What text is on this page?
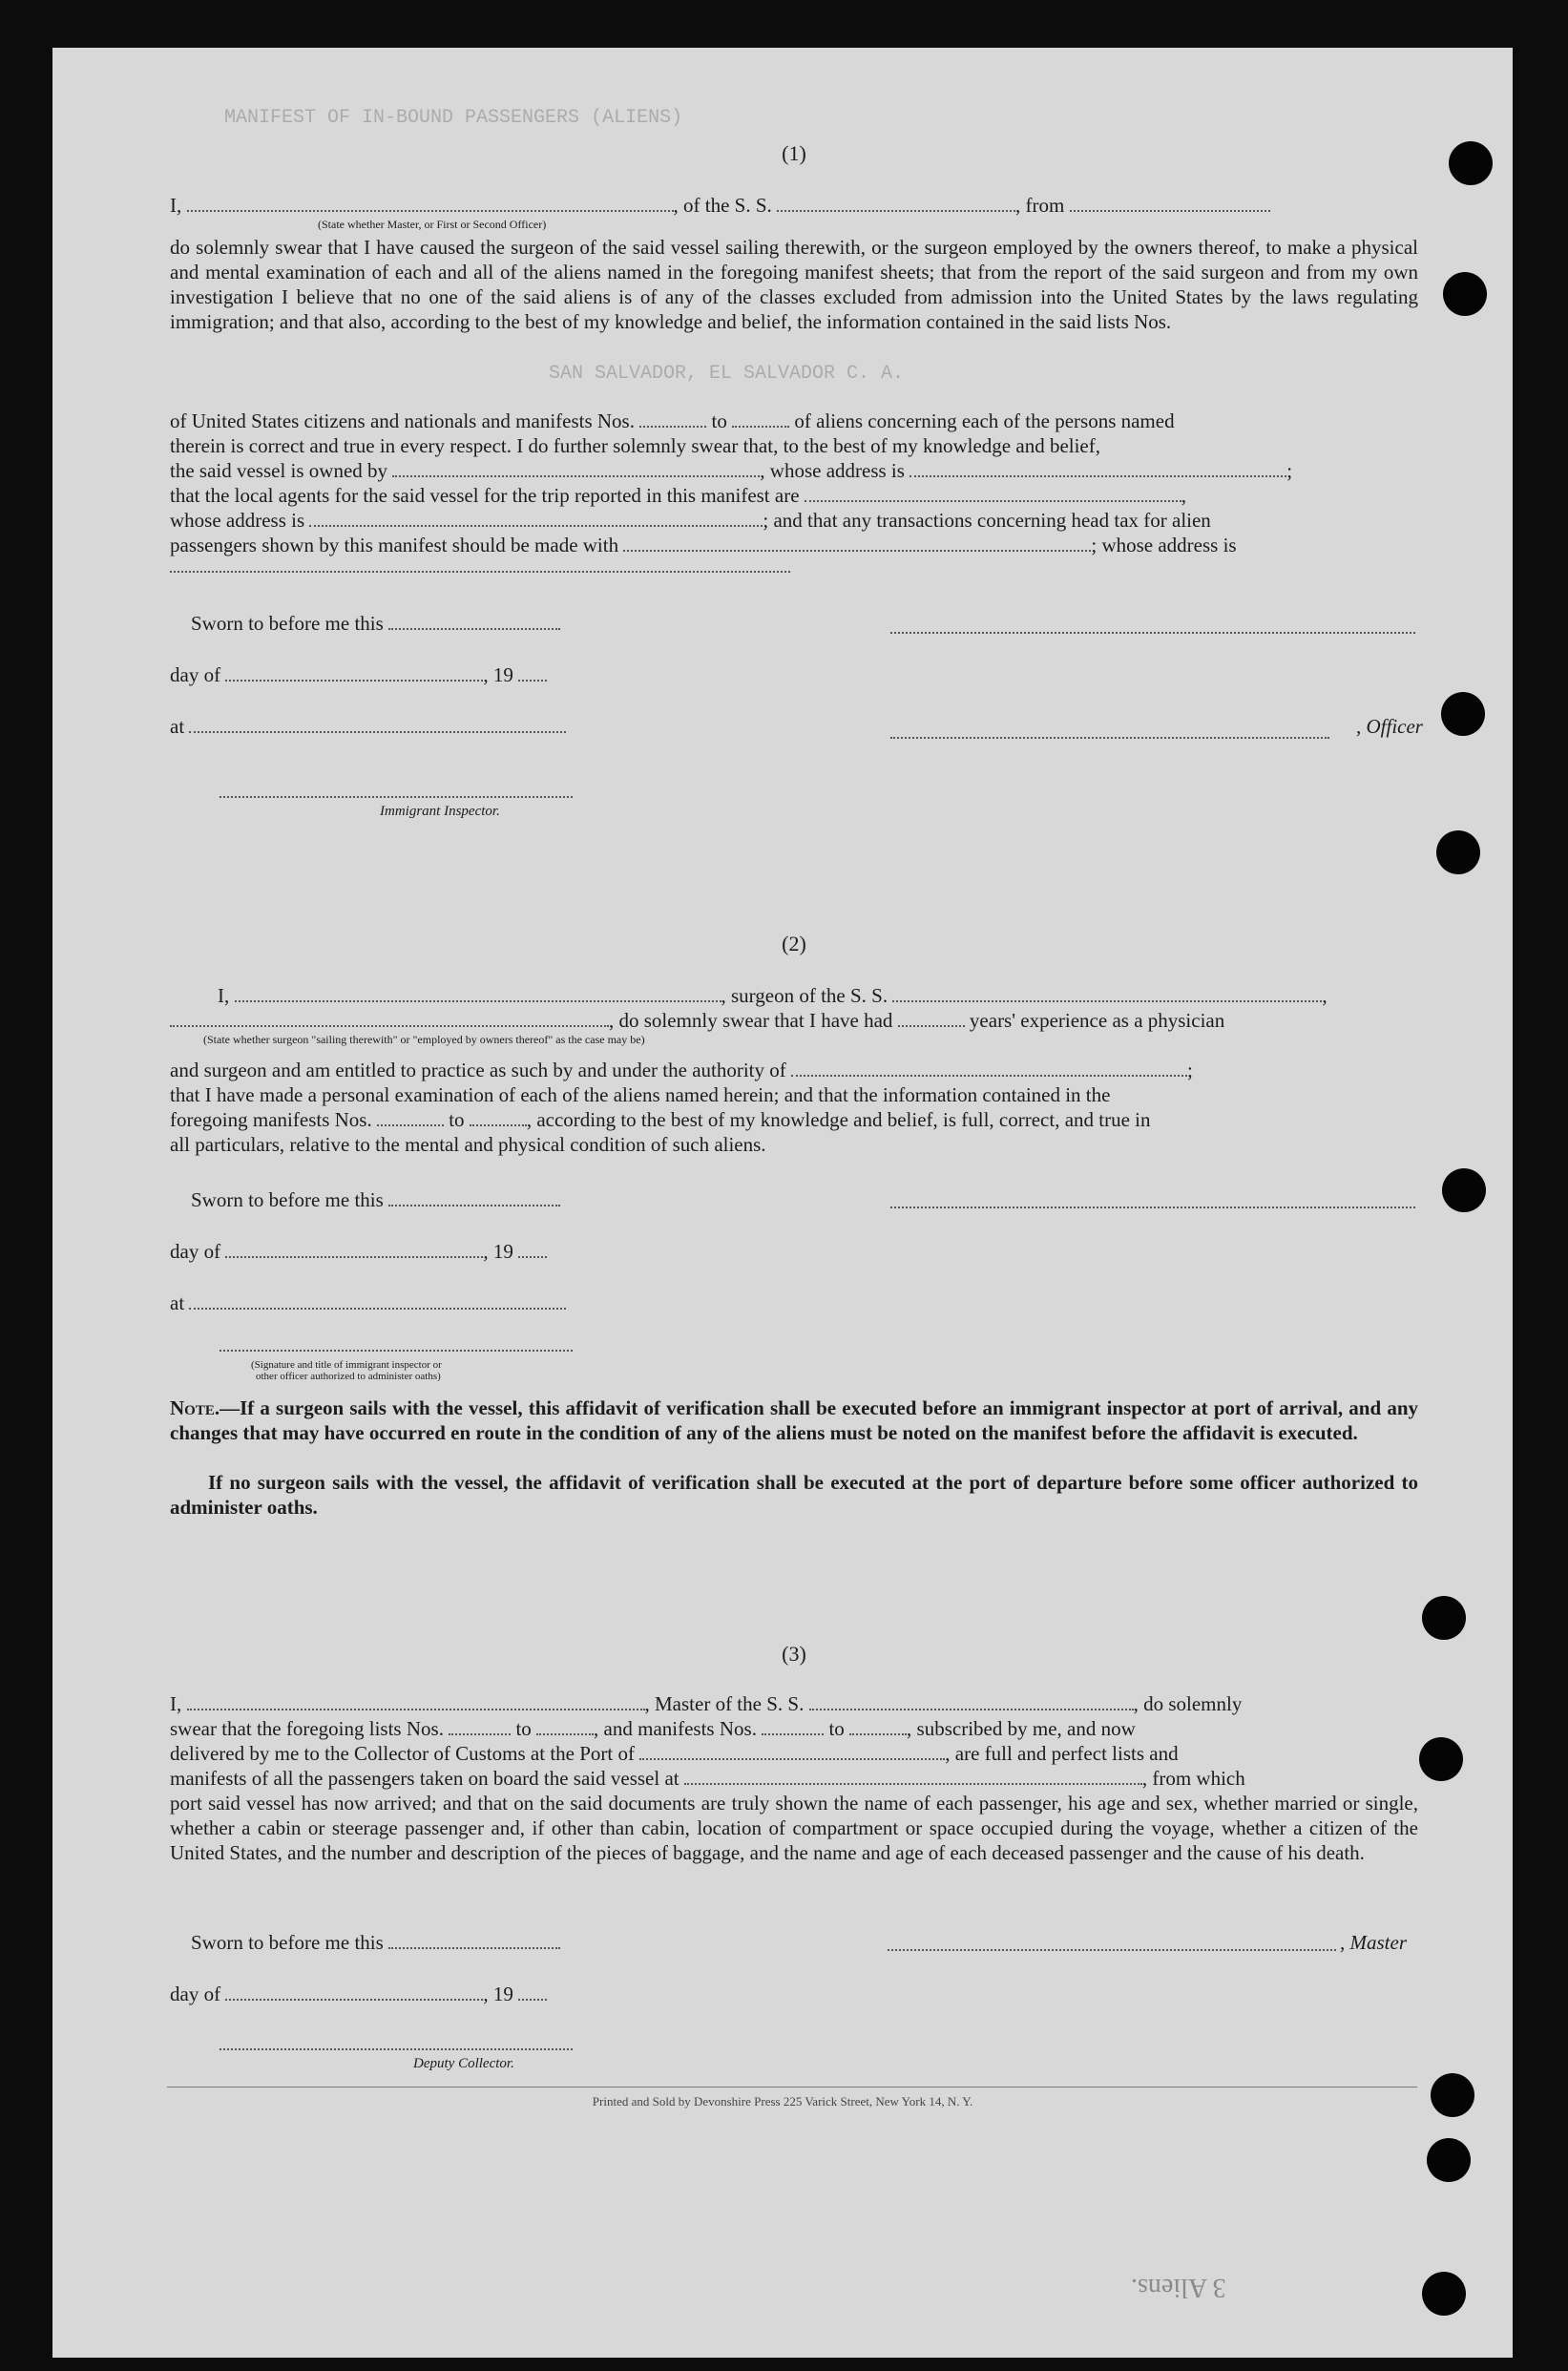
MANIFEST OF IN-BOUND PASSENGERS (ALIENS)
SAN SALVADOR, EL SALVADOR C. A.
(1)
I,	, of the S. S.	, from
(State whether Master, or First or Second Officer)
do solemnly swear that I have caused the surgeon of the said vessel sailing therewith, or the surgeon employed by the owners thereof, to make a physical and mental examination of each and all of the aliens named in the foregoing manifest sheets; that from the report of the said surgeon and from my own investigation I believe that no one of the said aliens is of any of the classes excluded from admission into the United States by the laws regulating immigration; and that also, according to the best of my knowledge and belief, the information contained in the said lists Nos.
of United States citizens and nationals and manifests Nos.	to	of aliens concerning each of the persons named
therein is correct and true in every respect. I do further solemnly swear that, to the best of my knowledge and belief,
the said vessel is owned by	, whose address is	;
that the local agents for the said vessel for the trip reported in this manifest are	,
whose address is	; and that any transactions concerning head tax for alien
passengers shown by this manifest should be made with	; whose address is
Sworn to before me this
day of	, 19
at	, Officer
Immigrant Inspector.
(2)
I,	, surgeon of the S. S.	,
, do solemnly swear that I have had	years' experience as a physician
(State whether surgeon "sailing therewith" or "employed by owners thereof" as the case may be)
and surgeon and am entitled to practice as such by and under the authority of	;
that I have made a personal examination of each of the aliens named herein; and that the information contained in the
foregoing manifests Nos.	to	, according to the best of my knowledge and belief, is full, correct, and true in
all particulars, relative to the mental and physical condition of such aliens.
Sworn to before me this
day of	, 19
at
(Signature and title of immigrant inspector or
other officer authorized to administer oaths)
Note.—If a surgeon sails with the vessel, this affidavit of verification shall be executed before an immigrant inspector at port of arrival, and any changes that may have occurred en route in the condition of any of the aliens must be noted on the manifest before the affidavit is executed.
If no surgeon sails with the vessel, the affidavit of verification shall be executed at the port of departure before some officer authorized to administer oaths.
(3)
I,	, Master of the S. S.	, do solemnly
swear that the foregoing lists Nos.	to	, and manifests Nos.	to	, subscribed by me, and now
delivered by me to the Collector of Customs at the Port of	, are full and perfect lists and
manifests of all the passengers taken on board the said vessel at	, from which
port said vessel has now arrived; and that on the said documents are truly shown the name of each passenger, his age and sex, whether married or single, whether a cabin or steerage passenger and, if other than cabin, location of compartment or space occupied during the voyage, whether a citizen of the United States, and the number and description of the pieces of baggage, and the name and age of each deceased passenger and the cause of his death.
Sworn to before me this	, Master
day of	, 19
Deputy Collector.
Printed and Sold by Devonshire Press 225 Varick Street, New York 14, N. Y.
3 Aliens.
